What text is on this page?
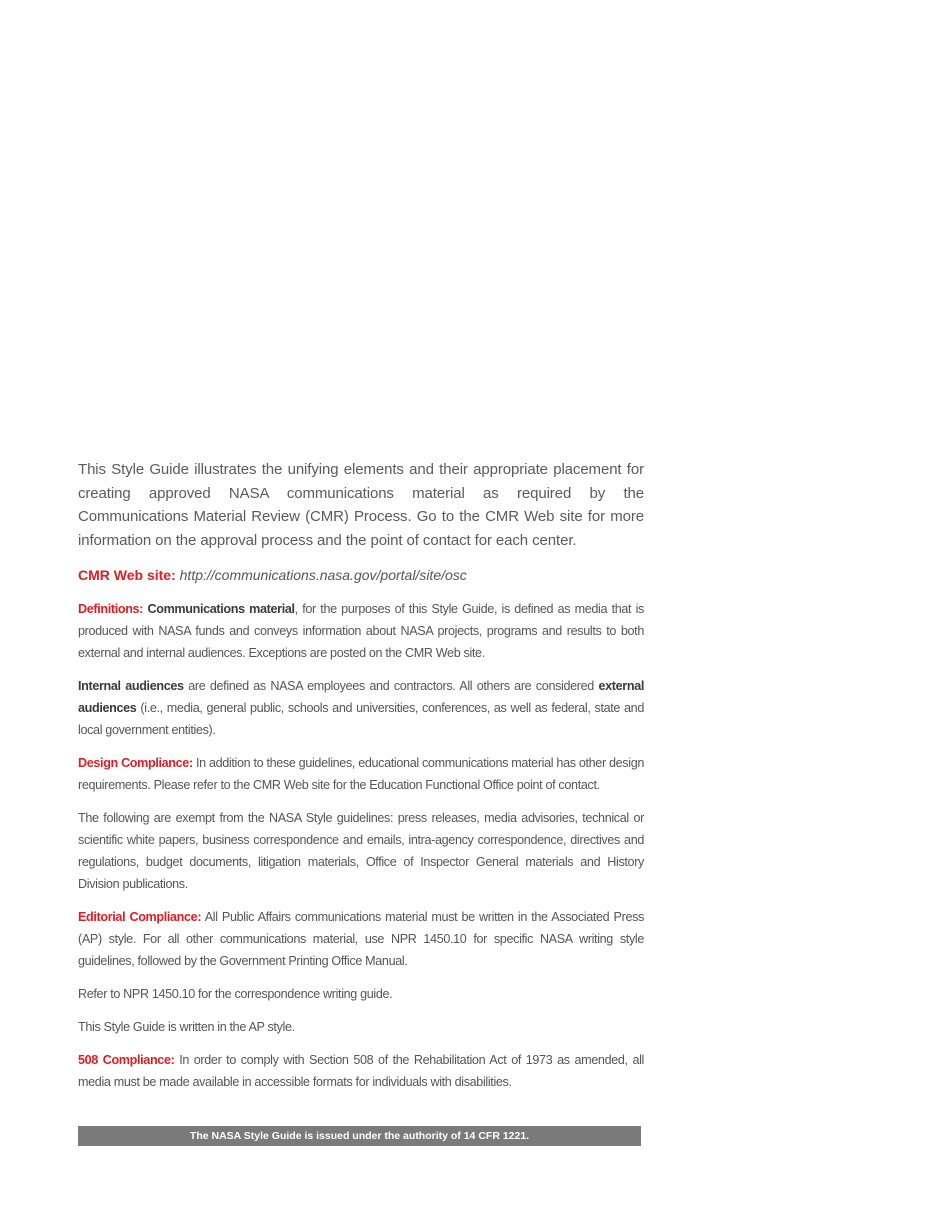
This Style Guide illustrates the unifying elements and their appropriate placement for creating approved NASA communications material as required by the Communications Material Review (CMR) Process. Go to the CMR Web site for more information on the approval process and the point of contact for each center.

CMR Web site: http://communications.nasa.gov/portal/site/osc

Definitions: Communications material, for the purposes of this Style Guide, is defined as media that is produced with NASA funds and conveys information about NASA projects, programs and results to both external and internal audiences. Exceptions are posted on the CMR Web site.

Internal audiences are defined as NASA employees and contractors. All others are considered external audiences (i.e., media, general public, schools and universities, conferences, as well as federal, state and local government entities).

Design Compliance: In addition to these guidelines, educational communications material has other design requirements. Please refer to the CMR Web site for the Education Functional Office point of contact.

The following are exempt from the NASA Style guidelines: press releases, media advisories, technical or scientific white papers, business correspondence and emails, intra-agency correspondence, directives and regulations, budget documents, litigation materials, Office of Inspector General materials and History Division publications.

Editorial Compliance: All Public Affairs communications material must be written in the Associated Press (AP) style. For all other communications material, use NPR 1450.10 for specific NASA writing style guidelines, followed by the Government Printing Office Manual.

Refer to NPR 1450.10 for the correspondence writing guide.

This Style Guide is written in the AP style.

508 Compliance: In order to comply with Section 508 of the Rehabilitation Act of 1973 as amended, all media must be made available in accessible formats for individuals with disabilities.

The NASA Style Guide is issued under the authority of 14 CFR 1221.
